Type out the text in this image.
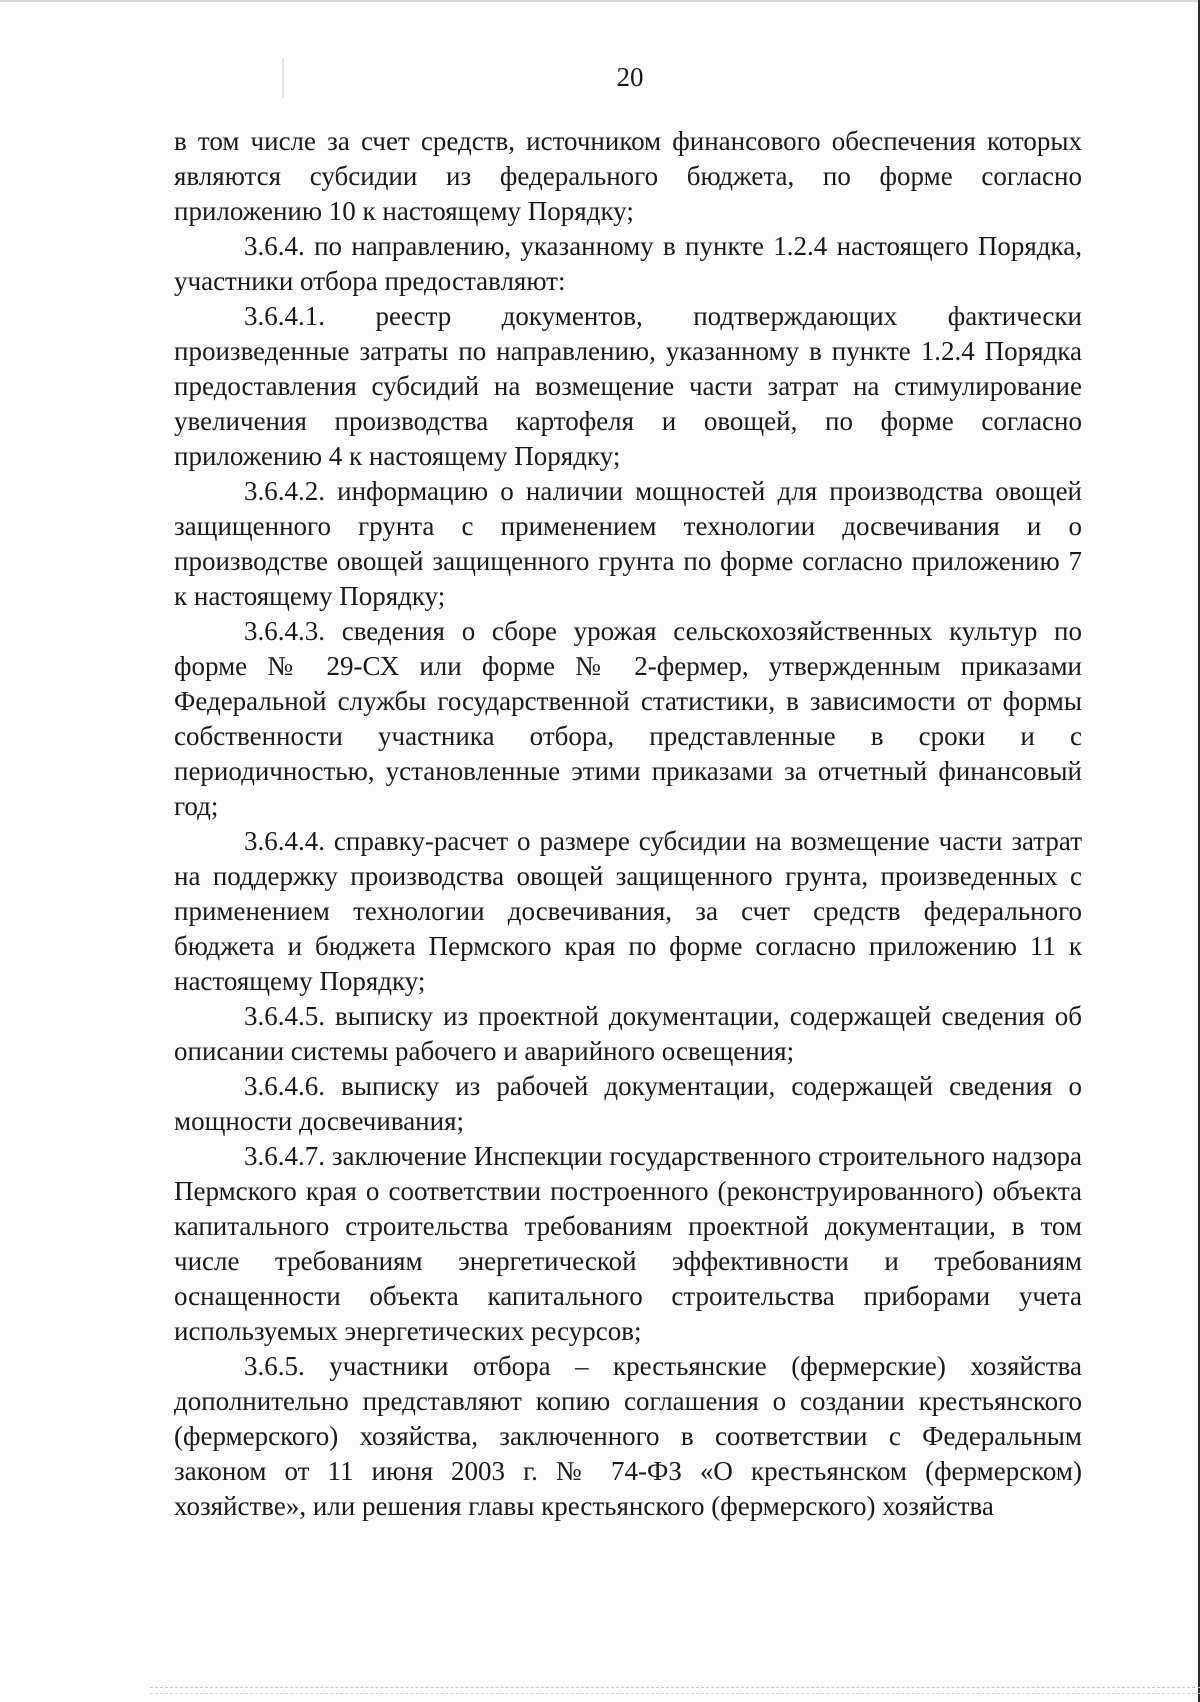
20

в том числе за счет средств, источником финансового обеспечения которых являются субсидии из федерального бюджета, по форме согласно приложению 10 к настоящему Порядку;

3.6.4. по направлению, указанному в пункте 1.2.4 настоящего Порядка, участники отбора предоставляют:

3.6.4.1. реестр документов, подтверждающих фактически произведенные затраты по направлению, указанному в пункте 1.2.4 Порядка предоставления субсидий на возмещение части затрат на стимулирование увеличения производства картофеля и овощей, по форме согласно приложению 4 к настоящему Порядку;

3.6.4.2. информацию о наличии мощностей для производства овощей защищенного грунта с применением технологии досвечивания и о производстве овощей защищенного грунта по форме согласно приложению 7 к настоящему Порядку;

3.6.4.3. сведения о сборе урожая сельскохозяйственных культур по форме № 29-СХ или форме № 2-фермер, утвержденным приказами Федеральной службы государственной статистики, в зависимости от формы собственности участника отбора, представленные в сроки и с периодичностью, установленные этими приказами за отчетный финансовый год;

3.6.4.4. справку-расчет о размере субсидии на возмещение части затрат на поддержку производства овощей защищенного грунта, произведенных с применением технологии досвечивания, за счет средств федерального бюджета и бюджета Пермского края по форме согласно приложению 11 к настоящему Порядку;

3.6.4.5. выписку из проектной документации, содержащей сведения об описании системы рабочего и аварийного освещения;

3.6.4.6. выписку из рабочей документации, содержащей сведения о мощности досвечивания;

3.6.4.7. заключение Инспекции государственного строительного надзора Пермского края о соответствии построенного (реконструированного) объекта капитального строительства требованиям проектной документации, в том числе требованиям энергетической эффективности и требованиям оснащенности объекта капитального строительства приборами учета используемых энергетических ресурсов;

3.6.5. участники отбора – крестьянские (фермерские) хозяйства дополнительно представляют копию соглашения о создании крестьянского (фермерского) хозяйства, заключенного в соответствии с Федеральным законом от 11 июня 2003 г. № 74-ФЗ «О крестьянском (фермерском) хозяйстве», или решения главы крестьянского (фермерского) хозяйства
